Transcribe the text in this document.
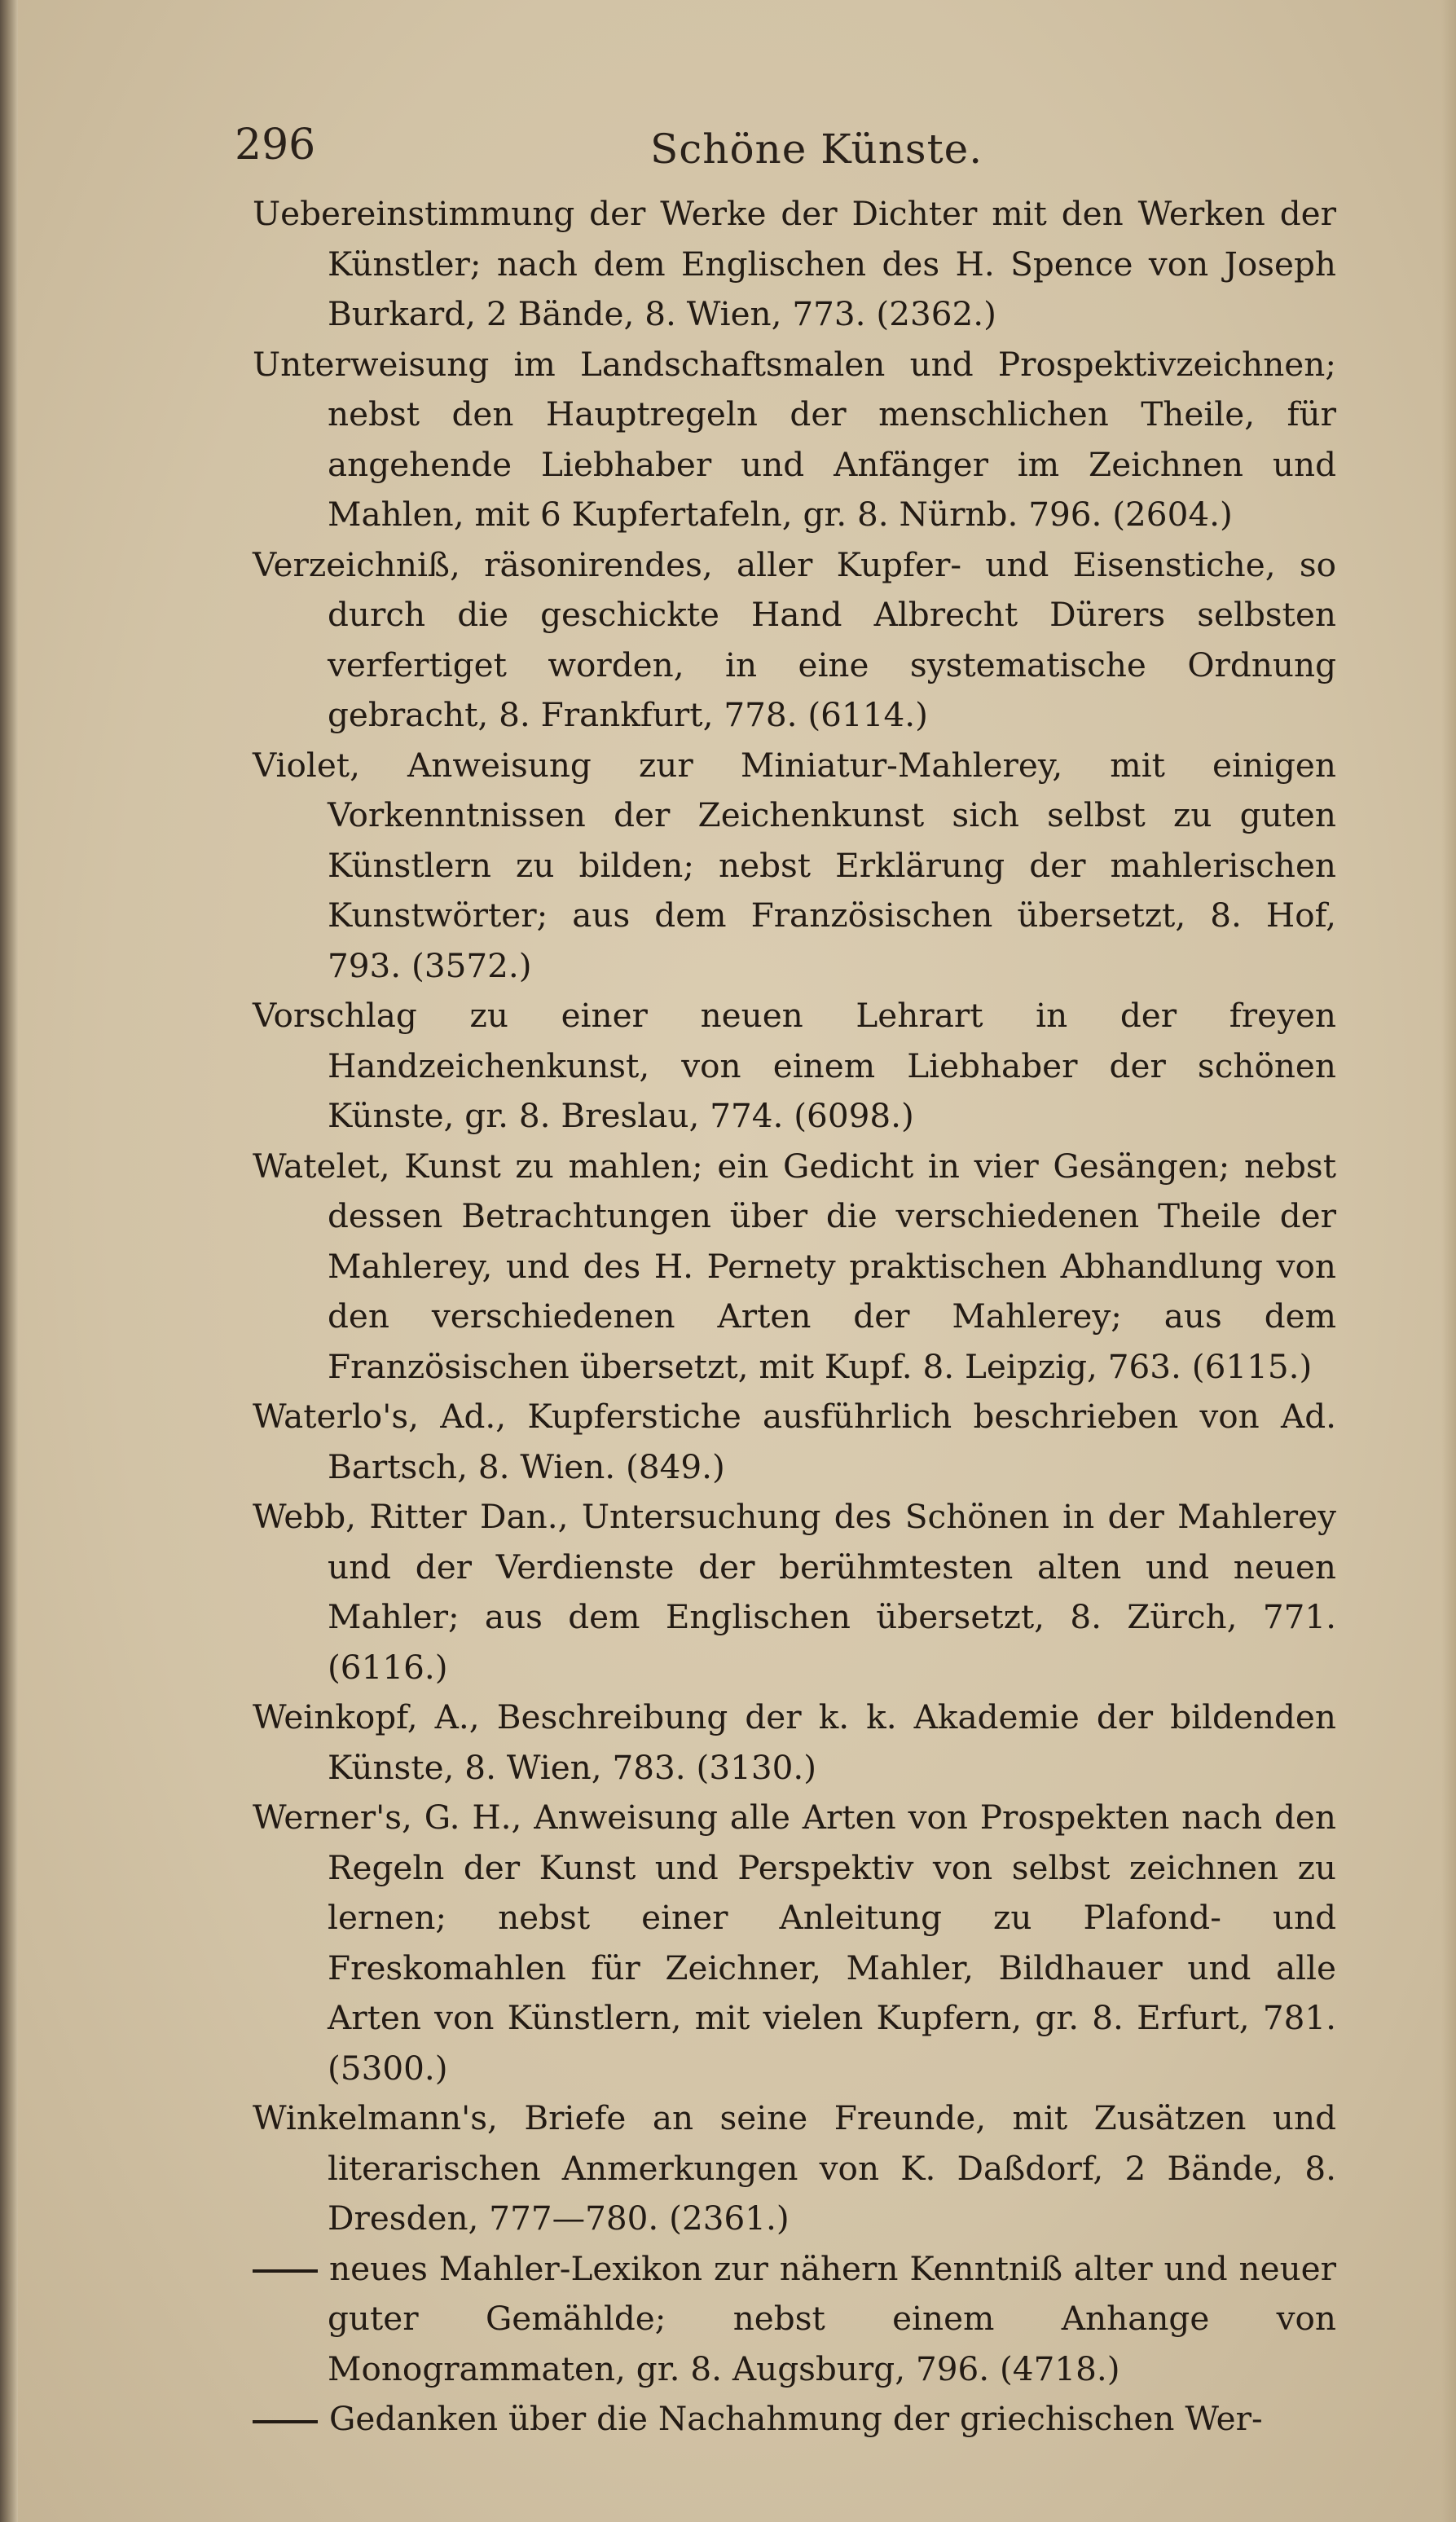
296	Schöne Künste.

Uebereinstimmung der Werke der Dichter mit den Werken der Künstler; nach dem Englischen des H. Spence von Joseph Burkard, 2 Bände, 8. Wien, 773. (2362.)

Unterweisung im Landschaftsmalen und Prospektivzeichnen; nebst den Hauptregeln der menschlichen Theile, für angehende Liebhaber und Anfänger im Zeichnen und Mahlen, mit 6 Kupfertafeln, gr. 8. Nürnb. 796. (2604.)

Verzeichniß, räsonirendes, aller Kupfer- und Eisenstiche, so durch die geschickte Hand Albrecht Dürers selbsten verfertiget worden, in eine systematische Ordnung gebracht, 8. Frankfurt, 778. (6114.)

Violet, Anweisung zur Miniatur-Mahlerey, mit einigen Vorkenntnissen der Zeichenkunst sich selbst zu guten Künstlern zu bilden; nebst Erklärung der mahlerischen Kunstwörter; aus dem Französischen übersetzt, 8. Hof, 793. (3572.)

Vorschlag zu einer neuen Lehrart in der freyen Handzeichenkunst, von einem Liebhaber der schönen Künste, gr. 8. Breslau, 774. (6098.)

Watelet, Kunst zu mahlen; ein Gedicht in vier Gesängen; nebst dessen Betrachtungen über die verschiedenen Theile der Mahlerey, und des H. Pernety praktischen Abhandlung von den verschiedenen Arten der Mahlerey; aus dem Französischen übersetzt, mit Kupf. 8. Leipzig, 763. (6115.)

Waterlo's, Ad., Kupferstiche ausführlich beschrieben von Ad. Bartsch, 8. Wien. (849.)

Webb, Ritter Dan., Untersuchung des Schönen in der Mahlerey und der Verdienste der berühmtesten alten und neuen Mahler; aus dem Englischen übersetzt, 8. Zürch, 771. (6116.)

Weinkopf, A., Beschreibung der k. k. Akademie der bildenden Künste, 8. Wien, 783. (3130.)

Werner's, G. H., Anweisung alle Arten von Prospekten nach den Regeln der Kunst und Perspektiv von selbst zeichnen zu lernen; nebst einer Anleitung zu Plafond- und Freskomahlen für Zeichner, Mahler, Bildhauer und alle Arten von Künstlern, mit vielen Kupfern, gr. 8. Erfurt, 781. (5300.)

Winkelmann's, Briefe an seine Freunde, mit Zusätzen und literarischen Anmerkungen von K. Daßdorf, 2 Bände, 8. Dresden, 777—780. (2361.)

neues Mahler-Lexikon zur nähern Kenntniß alter und neuer guter Gemählde; nebst einem Anhange von Monogrammaten, gr. 8. Augsburg, 796. (4718.)

Gedanken über die Nachahmung der griechischen Wer-
